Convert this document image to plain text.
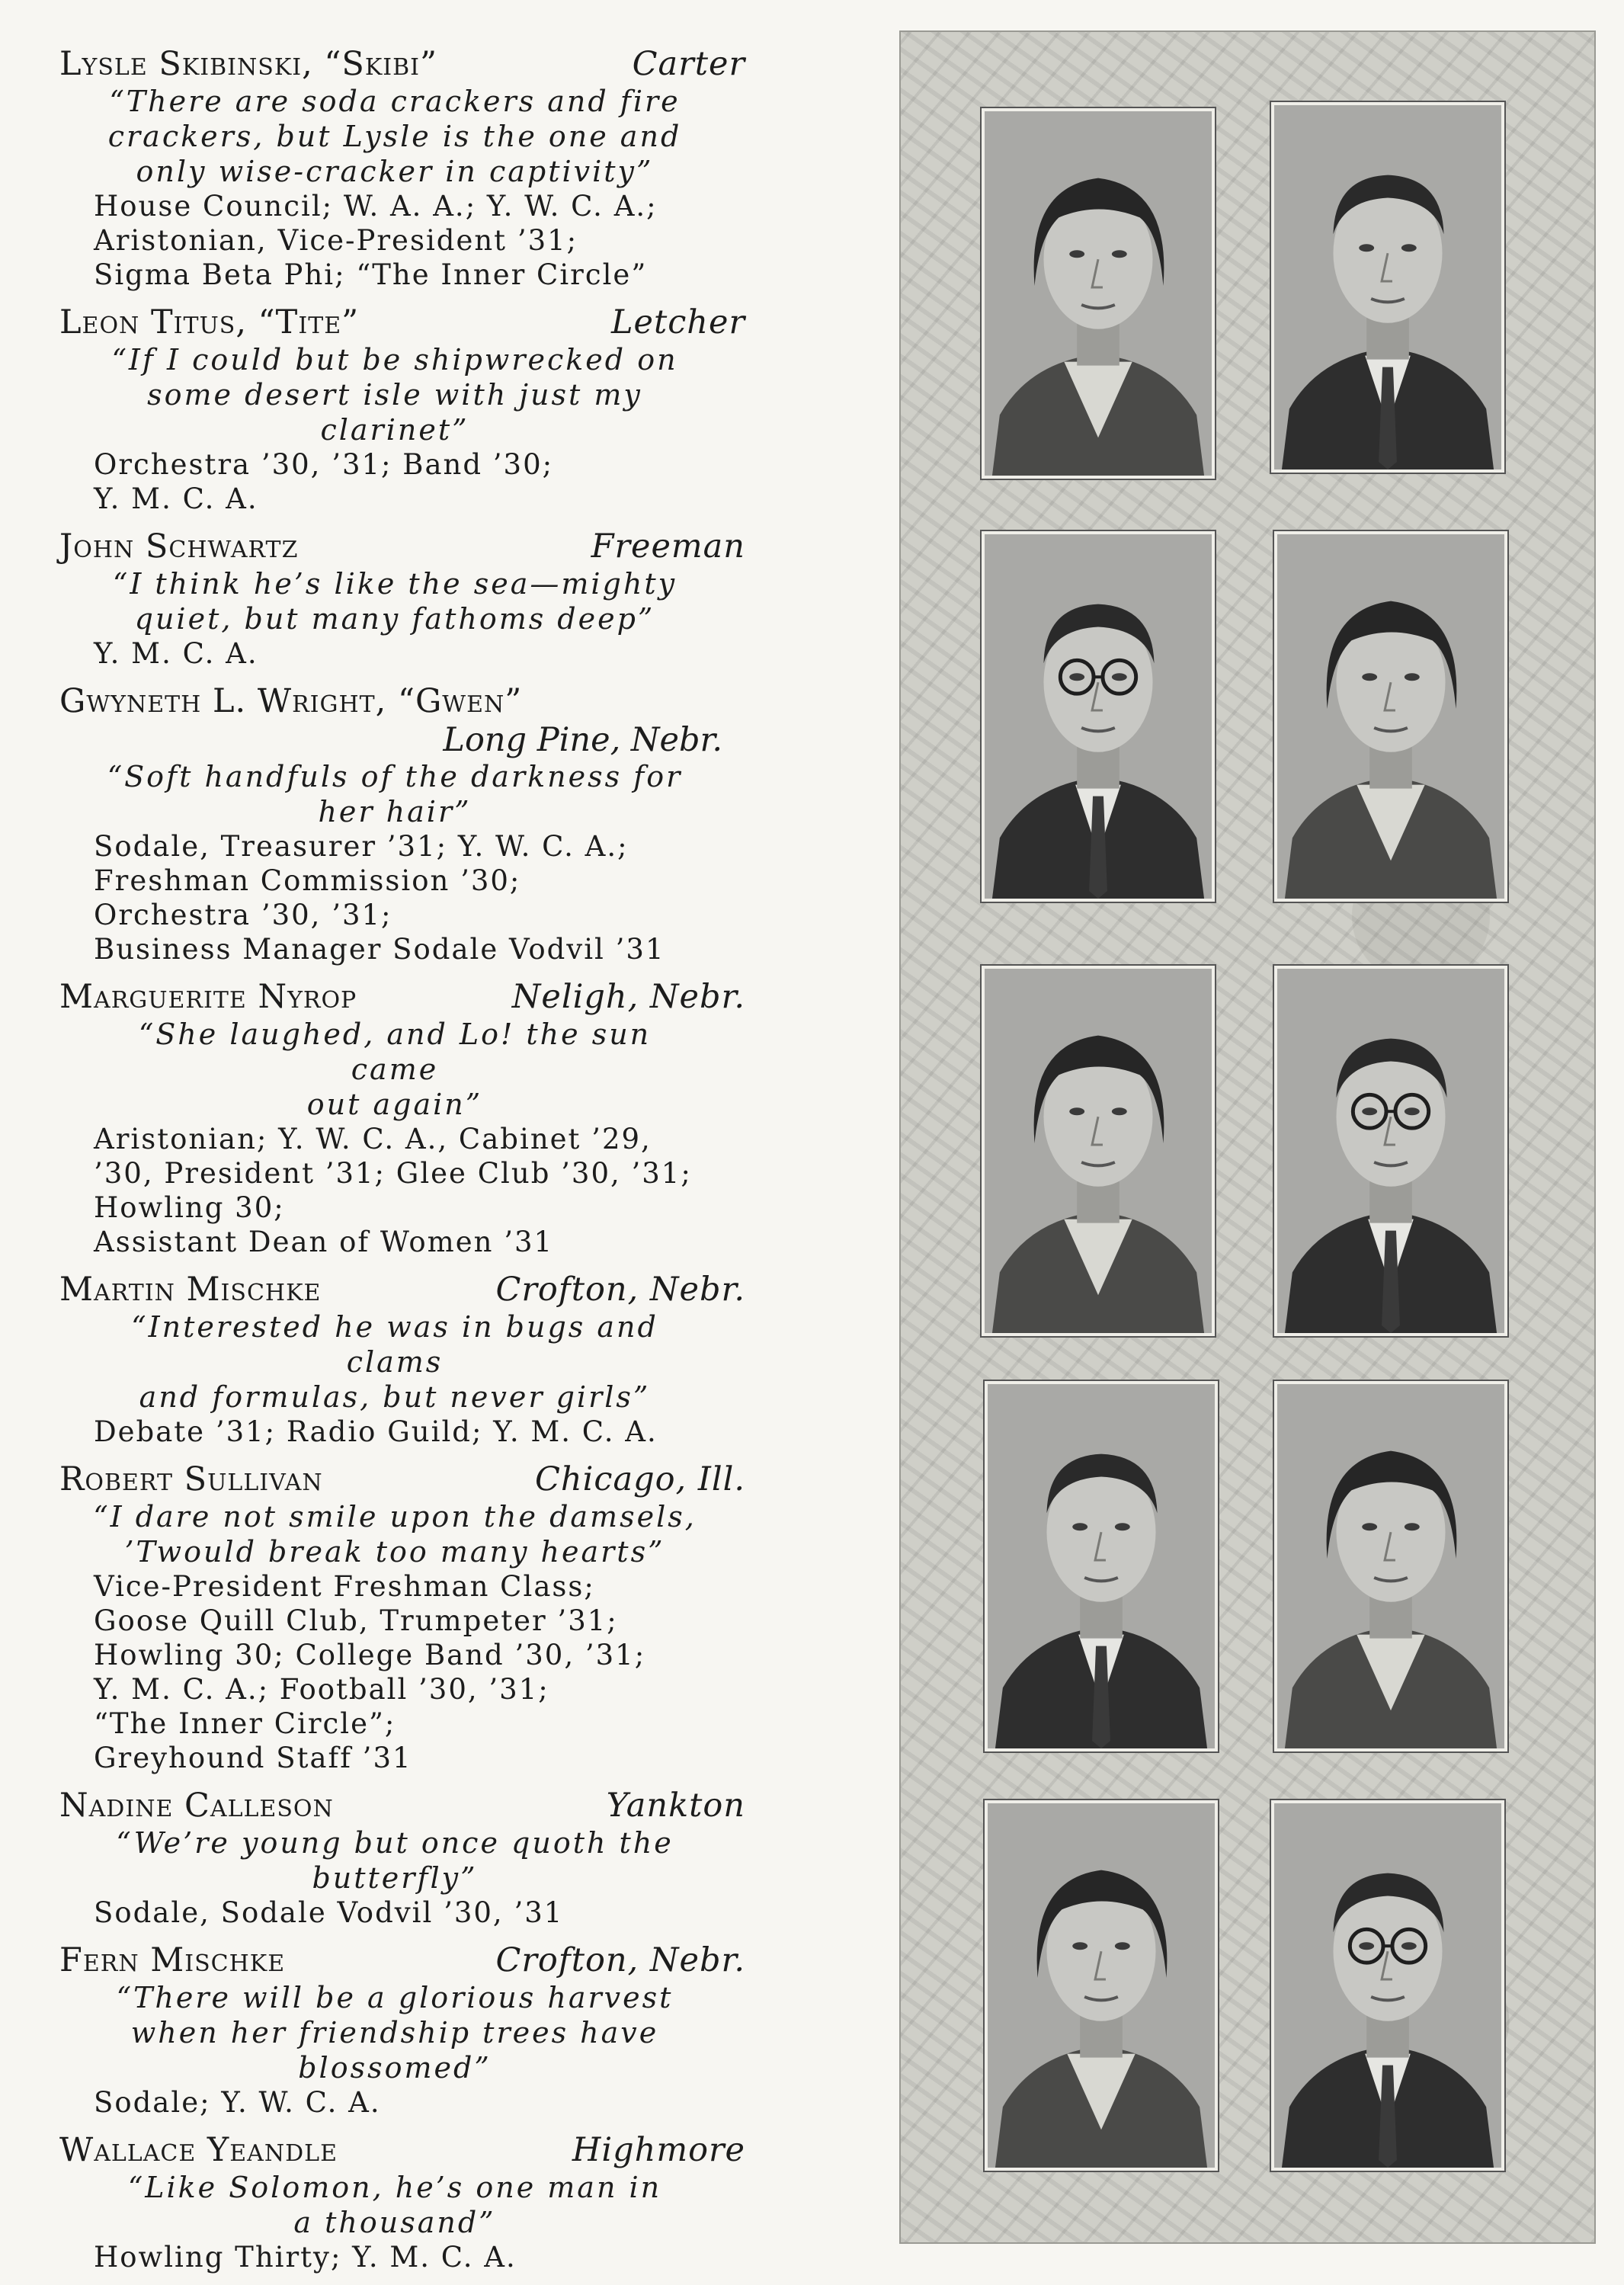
Lysle Skibinski, “Skibi”	Carter
“There are soda crackers and fire
crackers, but Lysle is the one and
only wise-cracker in captivity”
House Council; W. A. A.; Y. W. C. A.;
Aristonian, Vice-President ’31;
Sigma Beta Phi; “The Inner Circle”
Leon Titus, “Tite”	Letcher
“If I could but be shipwrecked on
some desert isle with just my
clarinet”
Orchestra ’30, ’31; Band ’30;
Y. M. C. A.
John Schwartz	Freeman
“I think he’s like the sea—mighty
quiet, but many fathoms deep”
Y. M. C. A.
Gwyneth L. Wright, “Gwen”
Long Pine, Nebr.
“Soft handfuls of the darkness for
her hair”
Sodale, Treasurer ’31; Y. W. C. A.;
Freshman Commission ’30;
Orchestra ’30, ’31;
Business Manager Sodale Vodvil ’31
Marguerite Nyrop	Neligh, Nebr.
“She laughed, and Lo! the sun came
out again”
Aristonian; Y. W. C. A., Cabinet ’29,
’30, President ’31; Glee Club ’30, ’31;
Howling 30;
Assistant Dean of Women ’31
Martin Mischke	Crofton, Nebr.
“Interested he was in bugs and clams
and formulas, but never girls”
Debate ’31; Radio Guild; Y. M. C. A.
Robert Sullivan	Chicago, Ill.
“I dare not smile upon the damsels,
’Twould break too many hearts”
Vice-President Freshman Class;
Goose Quill Club, Trumpeter ’31;
Howling 30; College Band ’30, ’31;
Y. M. C. A.; Football ’30, ’31;
“The Inner Circle”;
Greyhound Staff ’31
Nadine Calleson	Yankton
“We’re young but once quoth the
butterfly”
Sodale, Sodale Vodvil ’30, ’31
Fern Mischke	Crofton, Nebr.
“There will be a glorious harvest
when her friendship trees have
blossomed”
Sodale; Y. W. C. A.
Wallace Yeandle	Highmore
“Like Solomon, he’s one man in
a thousand”
Howling Thirty; Y. M. C. A.
